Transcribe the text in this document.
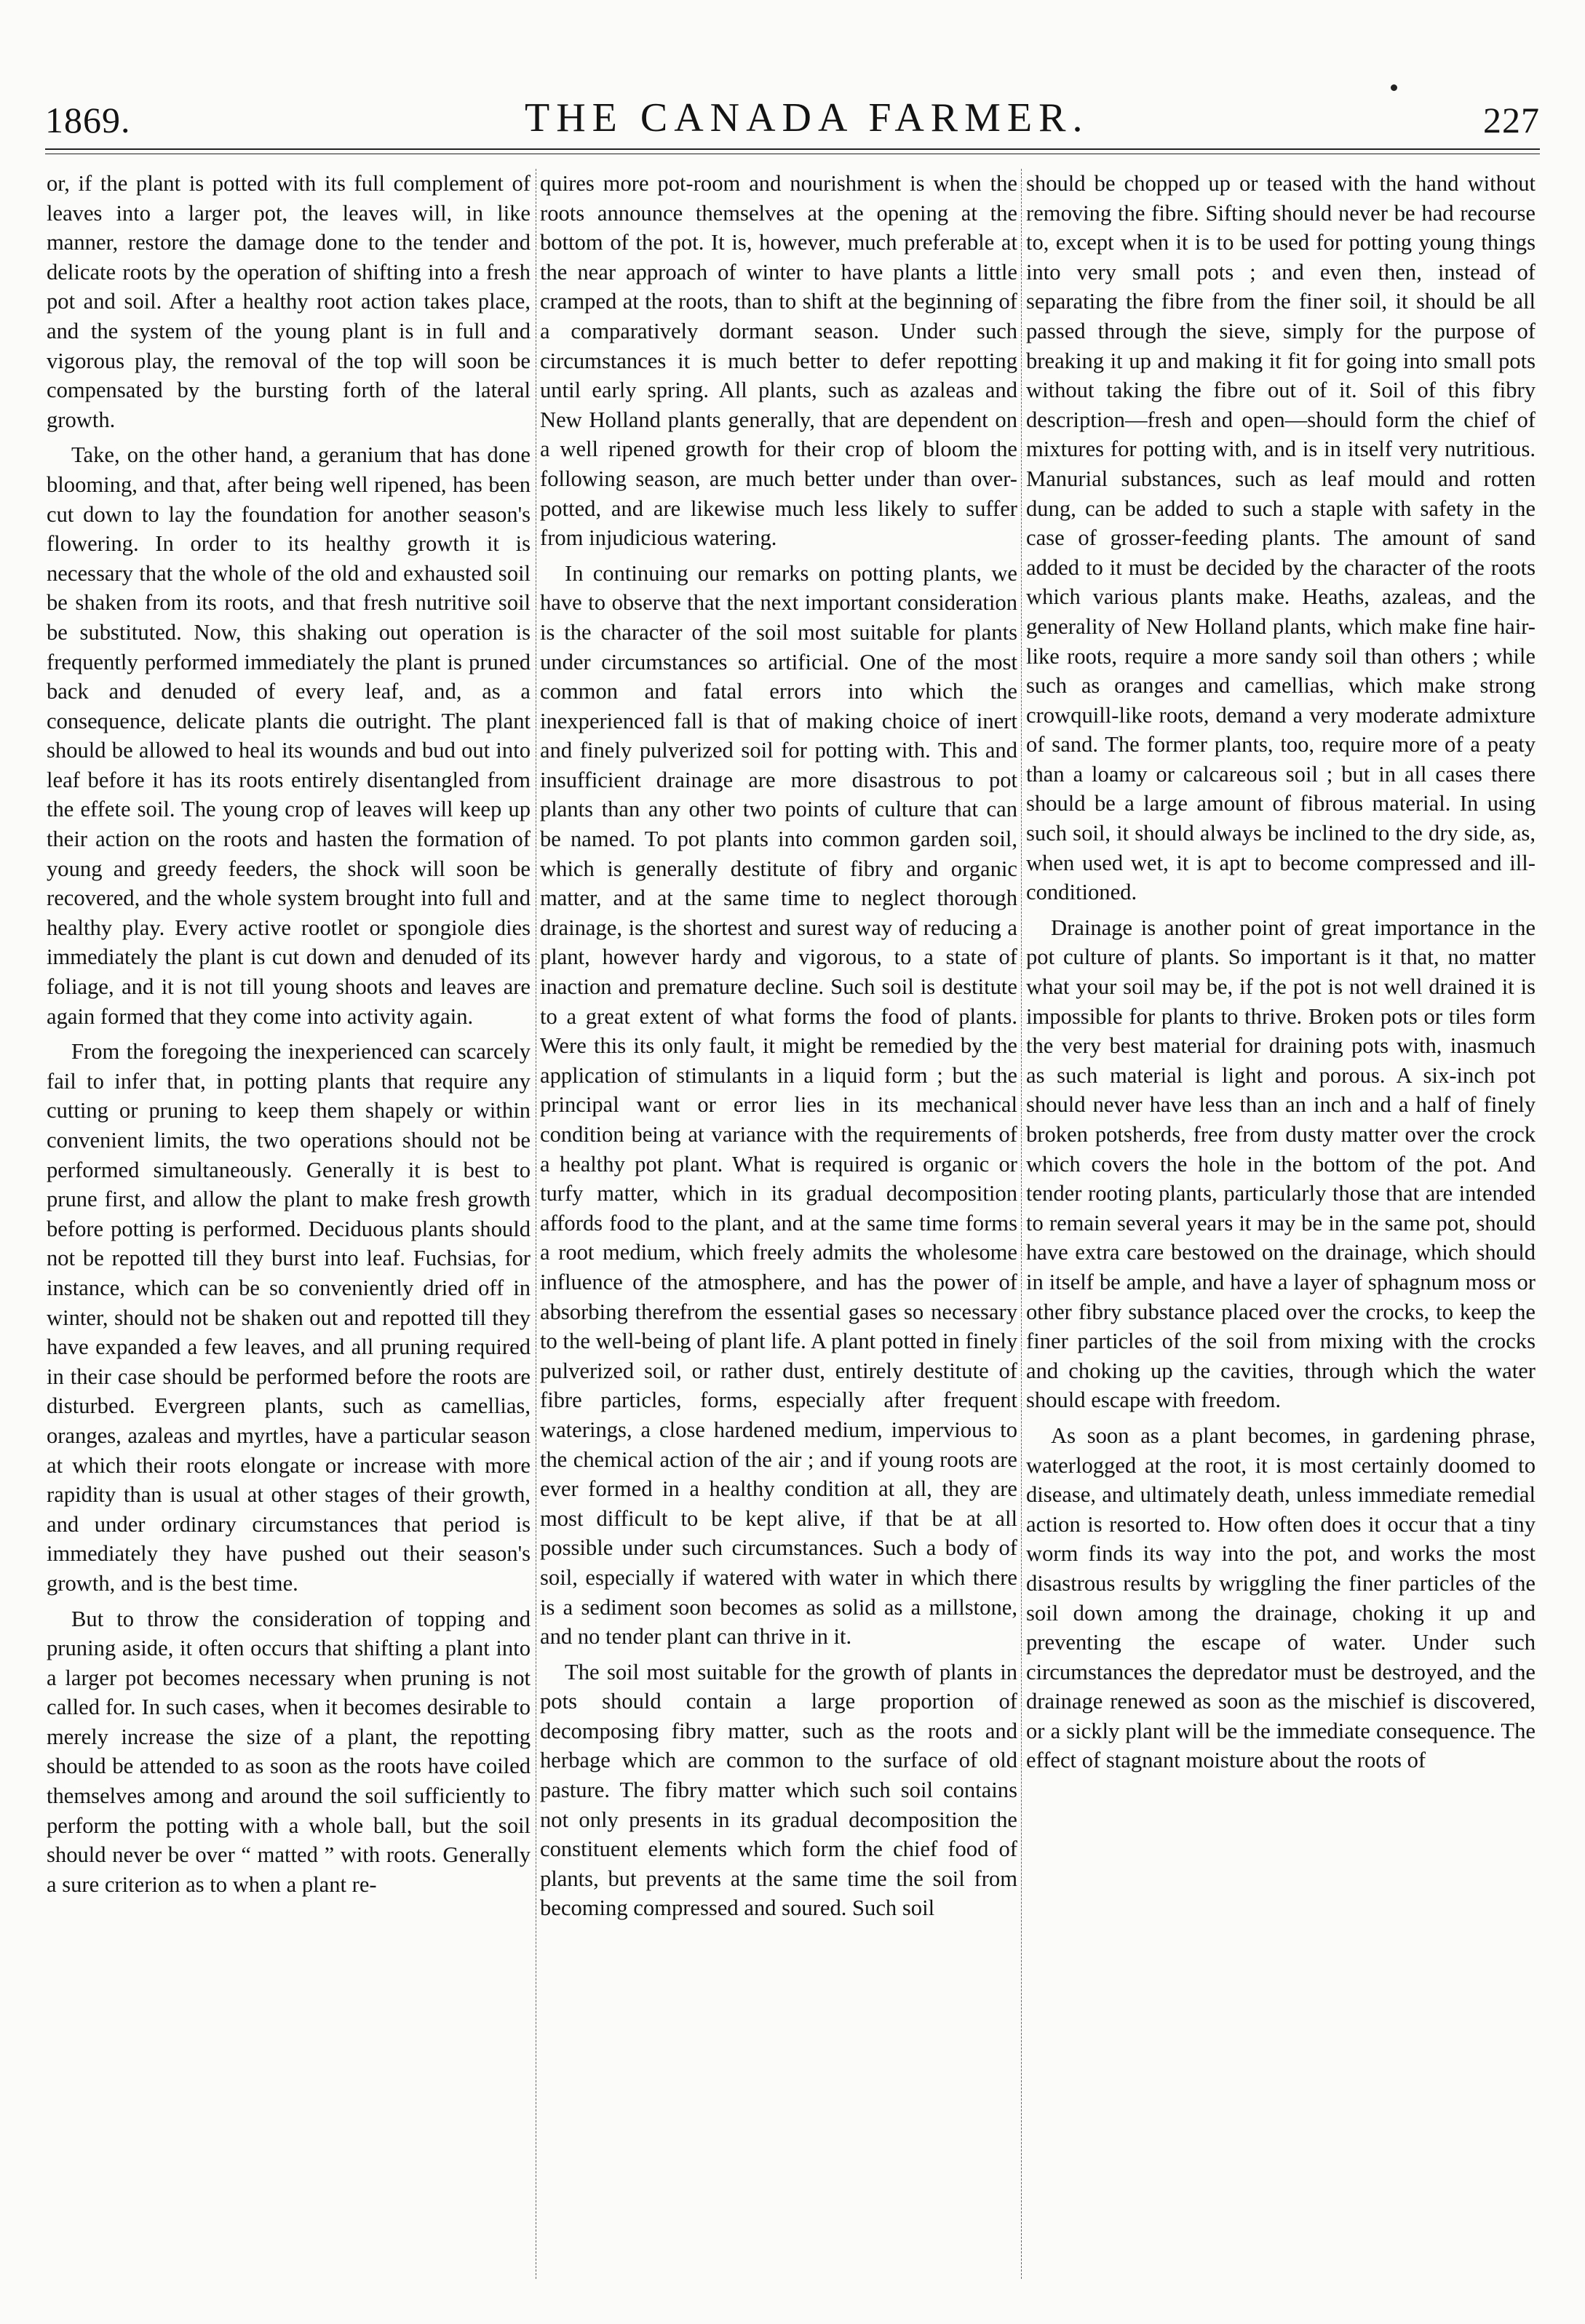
1869.	THE CANADA FARMER.	227

or, if the plant is potted with its full complement of leaves into a larger pot, the leaves will, in like manner, restore the damage done to the tender and delicate roots by the operation of shifting into a fresh pot and soil. After a healthy root action takes place, and the system of the young plant is in full and vigorous play, the removal of the top will soon be compensated by the bursting forth of the lateral growth.

Take, on the other hand, a geranium that has done blooming, and that, after being well ripened, has been cut down to lay the foundation for another season's flowering. In order to its healthy growth it is necessary that the whole of the old and exhausted soil be shaken from its roots, and that fresh nutritive soil be substituted. Now, this shaking out operation is frequently performed immediately the plant is pruned back and denuded of every leaf, and, as a consequence, delicate plants die outright. The plant should be allowed to heal its wounds and bud out into leaf before it has its roots entirely disentangled from the effete soil. The young crop of leaves will keep up their action on the roots and hasten the formation of young and greedy feeders, the shock will soon be recovered, and the whole system brought into full and healthy play. Every active rootlet or spongiole dies immediately the plant is cut down and denuded of its foliage, and it is not till young shoots and leaves are again formed that they come into activity again.

From the foregoing the inexperienced can scarcely fail to infer that, in potting plants that require any cutting or pruning to keep them shapely or within convenient limits, the two operations should not be performed simultaneously. Generally it is best to prune first, and allow the plant to make fresh growth before potting is performed. Deciduous plants should not be repotted till they burst into leaf. Fuchsias, for instance, which can be so conveniently dried off in winter, should not be shaken out and repotted till they have expanded a few leaves, and all pruning required in their case should be performed before the roots are disturbed. Evergreen plants, such as camellias, oranges, azaleas and myrtles, have a particular season at which their roots elongate or increase with more rapidity than is usual at other stages of their growth, and under ordinary circumstances that period is immediately they have pushed out their season's growth, and is the best time.

But to throw the consideration of topping and pruning aside, it often occurs that shifting a plant into a larger pot becomes necessary when pruning is not called for. In such cases, when it becomes desirable to merely increase the size of a plant, the repotting should be attended to as soon as the roots have coiled themselves among and around the soil sufficiently to perform the potting with a whole ball, but the soil should never be over “ matted ” with roots. Generally a sure criterion as to when a plant re-

quires more pot-room and nourishment is when the roots announce themselves at the opening at the bottom of the pot. It is, however, much preferable at the near approach of winter to have plants a little cramped at the roots, than to shift at the beginning of a comparatively dormant season. Under such circumstances it is much better to defer repotting until early spring. All plants, such as azaleas and New Holland plants generally, that are dependent on a well ripened growth for their crop of bloom the following season, are much better under than over-potted, and are likewise much less likely to suffer from injudicious watering.

In continuing our remarks on potting plants, we have to observe that the next important consideration is the character of the soil most suitable for plants under circumstances so artificial. One of the most common and fatal errors into which the inexperienced fall is that of making choice of inert and finely pulverized soil for potting with. This and insufficient drainage are more disastrous to pot plants than any other two points of culture that can be named. To pot plants into common garden soil, which is generally destitute of fibry and organic matter, and at the same time to neglect thorough drainage, is the shortest and surest way of reducing a plant, however hardy and vigorous, to a state of inaction and premature decline. Such soil is destitute to a great extent of what forms the food of plants. Were this its only fault, it might be remedied by the application of stimulants in a liquid form ; but the principal want or error lies in its mechanical condition being at variance with the requirements of a healthy pot plant. What is required is organic or turfy matter, which in its gradual decomposition affords food to the plant, and at the same time forms a root medium, which freely admits the wholesome influence of the atmosphere, and has the power of absorbing therefrom the essential gases so necessary to the well-being of plant life. A plant potted in finely pulverized soil, or rather dust, entirely destitute of fibre particles, forms, especially after frequent waterings, a close hardened medium, impervious to the chemical action of the air ; and if young roots are ever formed in a healthy condition at all, they are most difficult to be kept alive, if that be at all possible under such circumstances. Such a body of soil, especially if watered with water in which there is a sediment soon becomes as solid as a millstone, and no tender plant can thrive in it.

The soil most suitable for the growth of plants in pots should contain a large proportion of decomposing fibry matter, such as the roots and herbage which are common to the surface of old pasture. The fibry matter which such soil contains not only presents in its gradual decomposition the constituent elements which form the chief food of plants, but prevents at the same time the soil from becoming compressed and soured. Such soil

should be chopped up or teased with the hand without removing the fibre. Sifting should never be had recourse to, except when it is to be used for potting young things into very small pots ; and even then, instead of separating the fibre from the finer soil, it should be all passed through the sieve, simply for the purpose of breaking it up and making it fit for going into small pots without taking the fibre out of it. Soil of this fibry description—fresh and open—should form the chief of mixtures for potting with, and is in itself very nutritious. Manurial substances, such as leaf mould and rotten dung, can be added to such a staple with safety in the case of grosser-feeding plants. The amount of sand added to it must be decided by the character of the roots which various plants make. Heaths, azaleas, and the generality of New Holland plants, which make fine hair-like roots, require a more sandy soil than others ; while such as oranges and camellias, which make strong crowquill-like roots, demand a very moderate admixture of sand. The former plants, too, require more of a peaty than a loamy or calcareous soil ; but in all cases there should be a large amount of fibrous material. In using such soil, it should always be inclined to the dry side, as, when used wet, it is apt to become compressed and ill-conditioned.

Drainage is another point of great importance in the pot culture of plants. So important is it that, no matter what your soil may be, if the pot is not well drained it is impossible for plants to thrive. Broken pots or tiles form the very best material for draining pots with, inasmuch as such material is light and porous. A six-inch pot should never have less than an inch and a half of finely broken potsherds, free from dusty matter over the crock which covers the hole in the bottom of the pot. And tender rooting plants, particularly those that are intended to remain several years it may be in the same pot, should have extra care bestowed on the drainage, which should in itself be ample, and have a layer of sphagnum moss or other fibry substance placed over the crocks, to keep the finer particles of the soil from mixing with the crocks and choking up the cavities, through which the water should escape with freedom.

As soon as a plant becomes, in gardening phrase, waterlogged at the root, it is most certainly doomed to disease, and ultimately death, unless immediate remedial action is resorted to. How often does it occur that a tiny worm finds its way into the pot, and works the most disastrous results by wriggling the finer particles of the soil down among the drainage, choking it up and preventing the escape of water. Under such circumstances the depredator must be destroyed, and the drainage renewed as soon as the mischief is discovered, or a sickly plant will be the immediate consequence. The effect of stagnant moisture about the roots of
